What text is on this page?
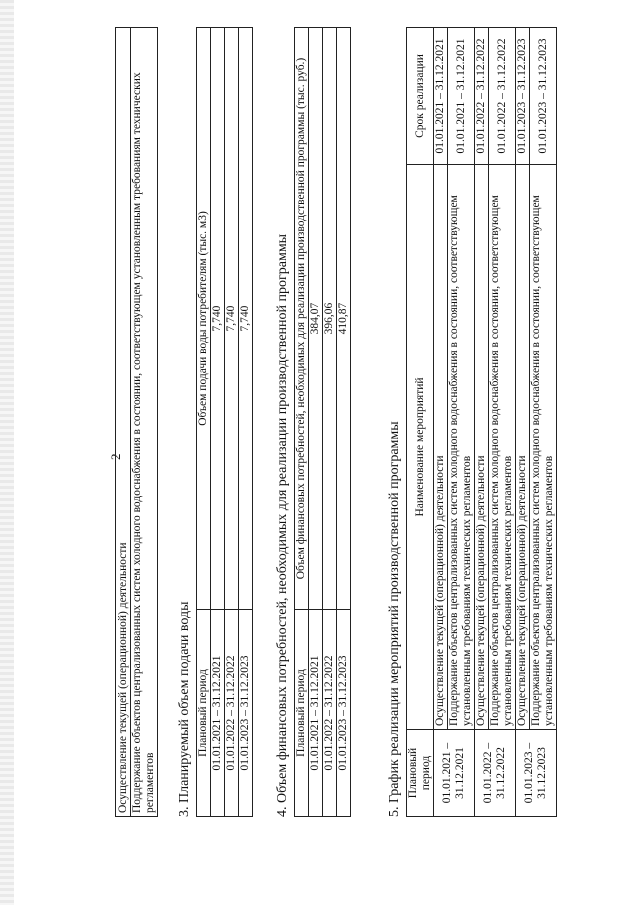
2
Осуществление текущей (операционной) деятельности
Поддержание объектов централизованных систем холодного водоснабжения в состоянии, соответствующем установленным требованиям технических регламентов 3. Планируемый объем подачи воды Плановый период	Объем подачи воды потребителям (тыс. м3)
01.01.2021 – 31.12.2021	7,740
01.01.2022 – 31.12.2022	7,740
01.01.2023 – 31.12.2023	7,740 4. Объем финансовых потребностей, необходимых для реализации производственной программы Плановый период	Объем финансовых потребностей, необходимых для реализации производственной программы (тыс. руб.)
01.01.2021 – 31.12.2021	384,07
01.01.2022 – 31.12.2022	396,06
01.01.2023 – 31.12.2023	410,87
5. График реализации мероприятий производственной программы Плановый период	Наименование мероприятий	Срок реализации
01.01.2021 – 31.12.2021	Осуществление текущей (операционной) деятельности	01.01.2021 – 31.12.2021
	Поддержание объектов централизованных систем холодного водоснабжения в состоянии, соответствующем установленным требованиям технических регламентов	01.01.2021 – 31.12.2021
01.01.2022 – 31.12.2022	Осуществление текущей (операционной) деятельности	01.01.2022 – 31.12.2022
	Поддержание объектов централизованных систем холодного водоснабжения в состоянии, соответствующем установленным требованиям технических регламентов	01.01.2022 – 31.12.2022
01.01.2023 – 31.12.2023	Осуществление текущей (операционной) деятельности	01.01.2023 – 31.12.2023
	Поддержание объектов централизованных систем холодного водоснабжения в состоянии, соответствующем установленным требованиям технических регламентов	01.01.2023 – 31.12.2023
